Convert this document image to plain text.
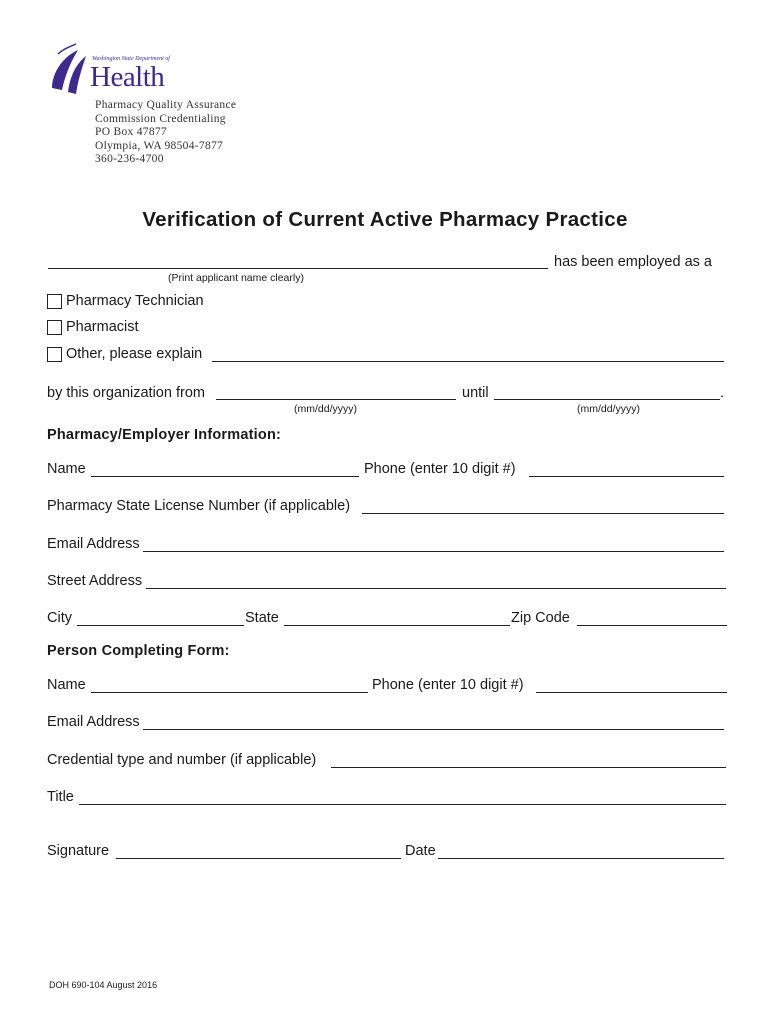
Washington State Department of
Health
Pharmacy Quality Assurance
Commission Credentialing
PO Box 47877
Olympia, WA 98504-7877
360-236-4700
Verification of Current Active Pharmacy Practice
has been employed as a
(Print applicant name clearly)
Pharmacy Technician
Pharmacist
Other, please explain
by this organization from	until	.
(mm/dd/yyyy)	(mm/dd/yyyy)
Pharmacy/Employer Information:
Name	Phone (enter 10 digit #)
Pharmacy State License Number (if applicable)
Email Address
Street Address
City	State	Zip Code
Person Completing Form:
Name	Phone (enter 10 digit #)
Email Address
Credential type and number (if applicable)
Title
Signature	Date
DOH 690-104 August 2016
